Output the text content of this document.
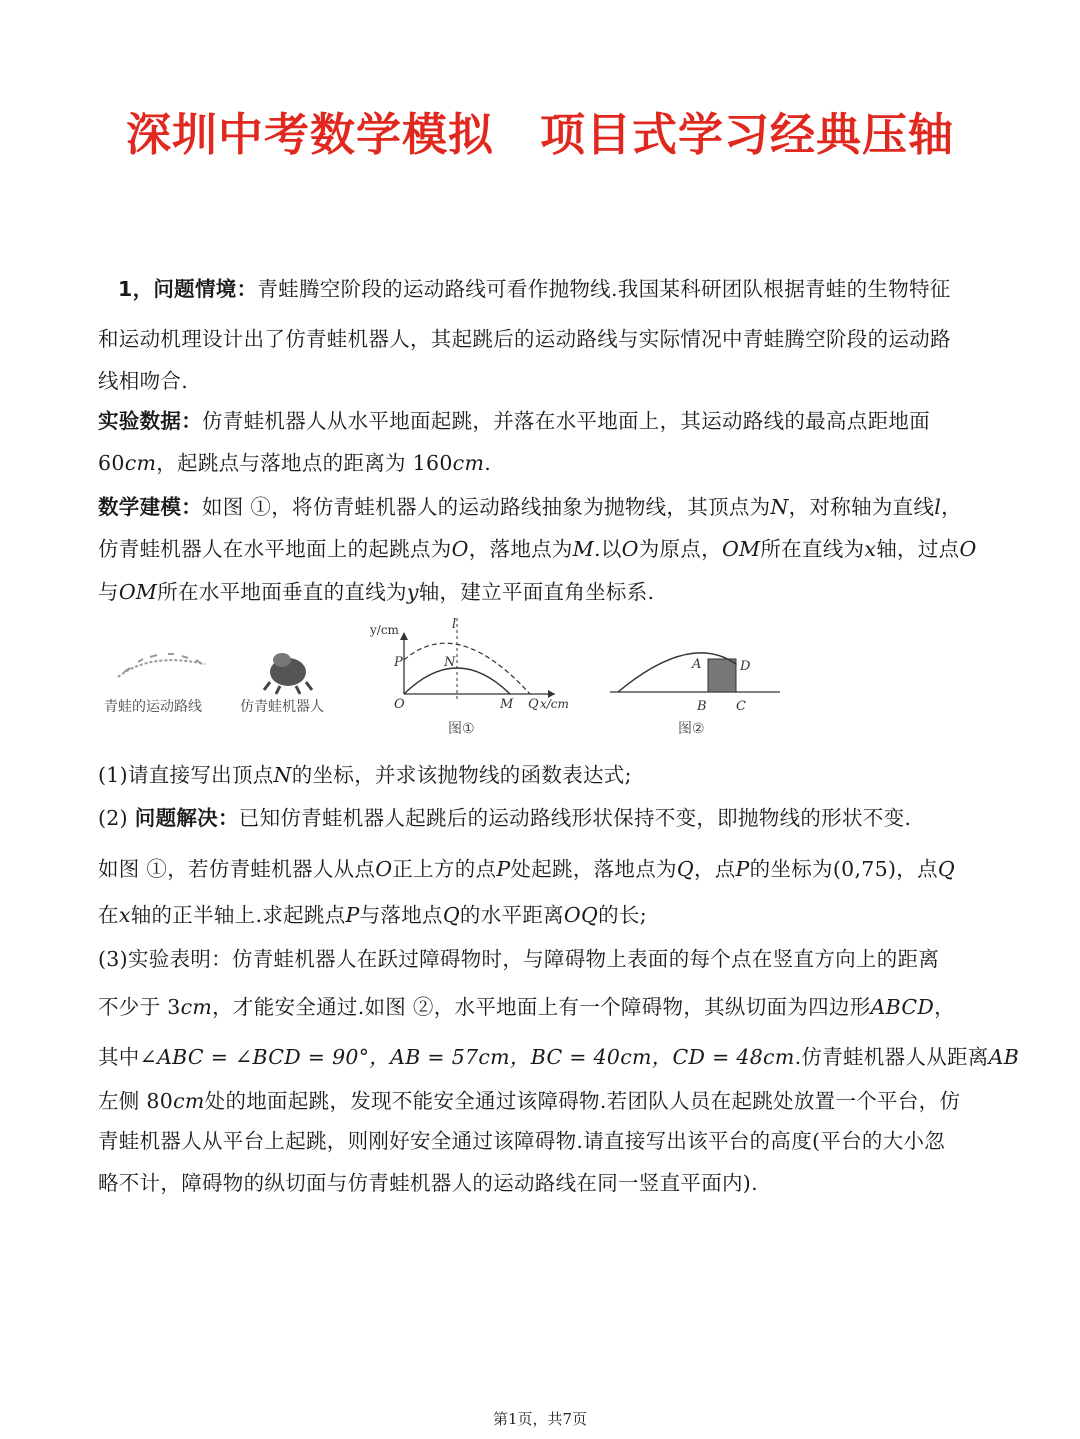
深圳中考数学模拟　项目式学习经典压轴
1，问题情境：青蛙腾空阶段的运动路线可看作抛物线.我国某科研团队根据青蛙的生物特征
和运动机理设计出了仿青蛙机器人，其起跳后的运动路线与实际情况中青蛙腾空阶段的运动路
线相吻合.
实验数据：仿青蛙机器人从水平地面起跳，并落在水平地面上，其运动路线的最高点距地面
60cm，起跳点与落地点的距离为 160cm.
数学建模：如图 ①，将仿青蛙机器人的运动路线抽象为抛物线，其顶点为N，对称轴为直线l，
仿青蛙机器人在水平地面上的起跳点为O，落地点为M.以O为原点，OM所在直线为x轴，过点O
与OM所在水平地面垂直的直线为y轴，建立平面直角坐标系.
y/cm
x/cm
l
P	N
O	M Q
A	D
B C
青蛙的运动路线	仿青蛙机器人
图①	图②
(1)请直接写出顶点N的坐标，并求该抛物线的函数表达式;
(2) 问题解决：已知仿青蛙机器人起跳后的运动路线形状保持不变，即抛物线的形状不变.
如图 ①，若仿青蛙机器人从点O正上方的点P处起跳，落地点为Q，点P的坐标为(0,75)，点Q
在x轴的正半轴上.求起跳点P与落地点Q的水平距离OQ的长;
(3)实验表明：仿青蛙机器人在跃过障碍物时，与障碍物上表面的每个点在竖直方向上的距离
不少于 3cm，才能安全通过.如图 ②，水平地面上有一个障碍物，其纵切面为四边形ABCD，
其中∠ABC = ∠BCD = 90°，AB = 57cm，BC = 40cm，CD = 48cm.仿青蛙机器人从距离AB
左侧 80cm处的地面起跳，发现不能安全通过该障碍物.若团队人员在起跳处放置一个平台，仿
青蛙机器人从平台上起跳，则刚好安全通过该障碍物.请直接写出该平台的高度(平台的大小忽
略不计，障碍物的纵切面与仿青蛙机器人的运动路线在同一竖直平面内).
第1页，共7页
